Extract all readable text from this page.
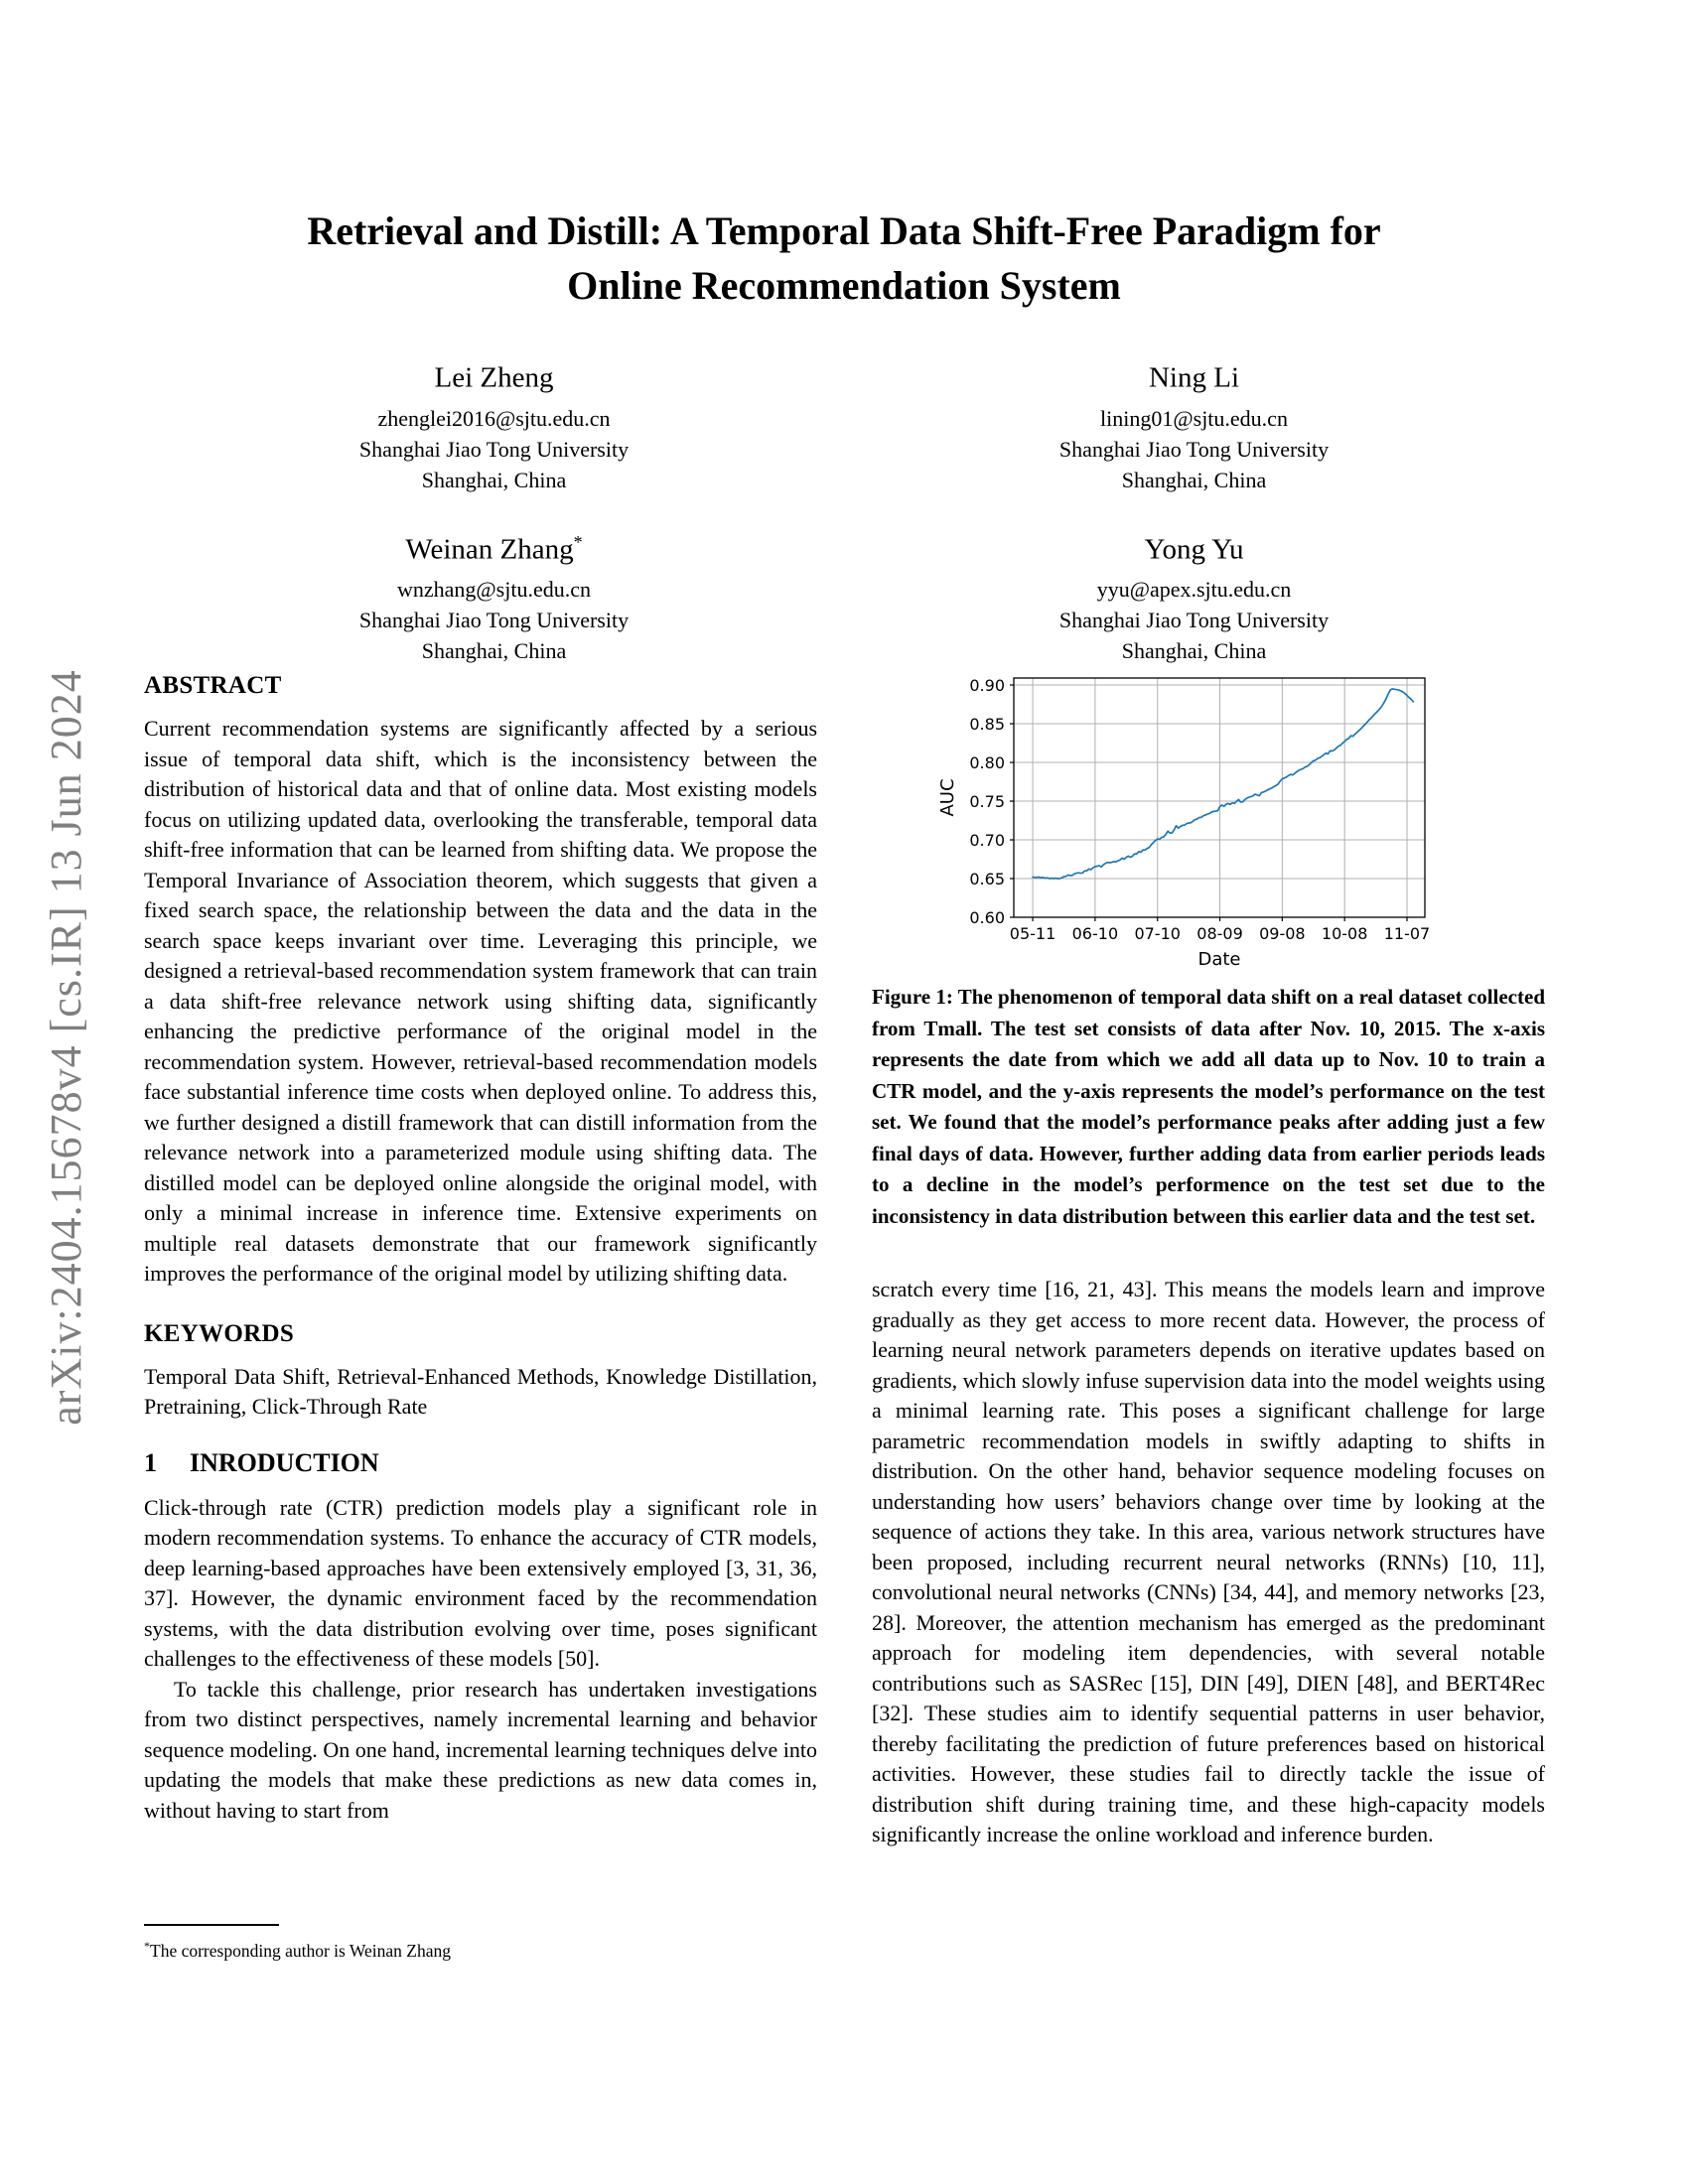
arXiv:2404.15678v4 [cs.IR] 13 Jun 2024
Retrieval and Distill: A Temporal Data Shift-Free Paradigm for
Online Recommendation System
Lei Zheng
zhenglei2016@sjtu.edu.cn
Shanghai Jiao Tong University
Shanghai, China
Ning Li
lining01@sjtu.edu.cn
Shanghai Jiao Tong University
Shanghai, China
Weinan Zhang*
wnzhang@sjtu.edu.cn
Shanghai Jiao Tong University
Shanghai, China
Yong Yu
yyu@apex.sjtu.edu.cn
Shanghai Jiao Tong University
Shanghai, China
ABSTRACT

Current recommendation systems are significantly affected by a serious issue of temporal data shift, which is the inconsistency between the distribution of historical data and that of online data. Most existing models focus on utilizing updated data, overlooking the transferable, temporal data shift-free information that can be learned from shifting data. We propose the Temporal Invariance of Association theorem, which suggests that given a fixed search space, the relationship between the data and the data in the search space keeps invariant over time. Leveraging this principle, we designed a retrieval-based recommendation system framework that can train a data shift-free relevance network using shifting data, significantly enhancing the predictive performance of the original model in the recommendation system. However, retrieval-based recommendation models face substantial inference time costs when deployed online. To address this, we further designed a distill framework that can distill information from the relevance network into a parameterized module using shifting data. The distilled model can be deployed online alongside the original model, with only a minimal increase in inference time. Extensive experiments on multiple real datasets demonstrate that our framework significantly improves the performance of the original model by utilizing shifting data.

KEYWORDS

Temporal Data Shift, Retrieval-Enhanced Methods, Knowledge Distillation, Pretraining, Click-Through Rate

1 INRODUCTION

Click-through rate (CTR) prediction models play a significant role in modern recommendation systems. To enhance the accuracy of CTR models, deep learning-based approaches have been extensively employed [3, 31, 36, 37]. However, the dynamic environment faced by the recommendation systems, with the data distribution evolving over time, poses significant challenges to the effectiveness of these models [50].

To tackle this challenge, prior research has undertaken investigations from two distinct perspectives, namely incremental learning and behavior sequence modeling. On one hand, incremental learning techniques delve into updating the models that make these predictions as new data comes in, without having to start from

*The corresponding author is Weinan Zhang

05-11 06-10 07-10 08-09 09-08 10-08 11-07
0.60
0.65
0.70
0.75
0.80
0.85
0.90
Date
AUC
Figure 1: The phenomenon of temporal data shift on a real dataset collected from Tmall. The test set consists of data after Nov. 10, 2015. The x-axis represents the date from which we add all data up to Nov. 10 to train a CTR model, and the y-axis represents the model’s performance on the test set. We found that the model’s performance peaks after adding just a few final days of data. However, further adding data from earlier periods leads to a decline in the model’s performence on the test set due to the inconsistency in data distribution between this earlier data and the test set.

scratch every time [16, 21, 43]. This means the models learn and improve gradually as they get access to more recent data. However, the process of learning neural network parameters depends on iterative updates based on gradients, which slowly infuse supervision data into the model weights using a minimal learning rate. This poses a significant challenge for large parametric recommendation models in swiftly adapting to shifts in distribution. On the other hand, behavior sequence modeling focuses on understanding how users’ behaviors change over time by looking at the sequence of actions they take. In this area, various network structures have been proposed, including recurrent neural networks (RNNs) [10, 11], convolutional neural networks (CNNs) [34, 44], and memory networks [23, 28]. Moreover, the attention mechanism has emerged as the predominant approach for modeling item dependencies, with several notable contributions such as SASRec [15], DIN [49], DIEN [48], and BERT4Rec [32]. These studies aim to identify sequential patterns in user behavior, thereby facilitating the prediction of future preferences based on historical activities. However, these studies fail to directly tackle the issue of distribution shift during training time, and these high-capacity models significantly increase the online workload and inference burden.
